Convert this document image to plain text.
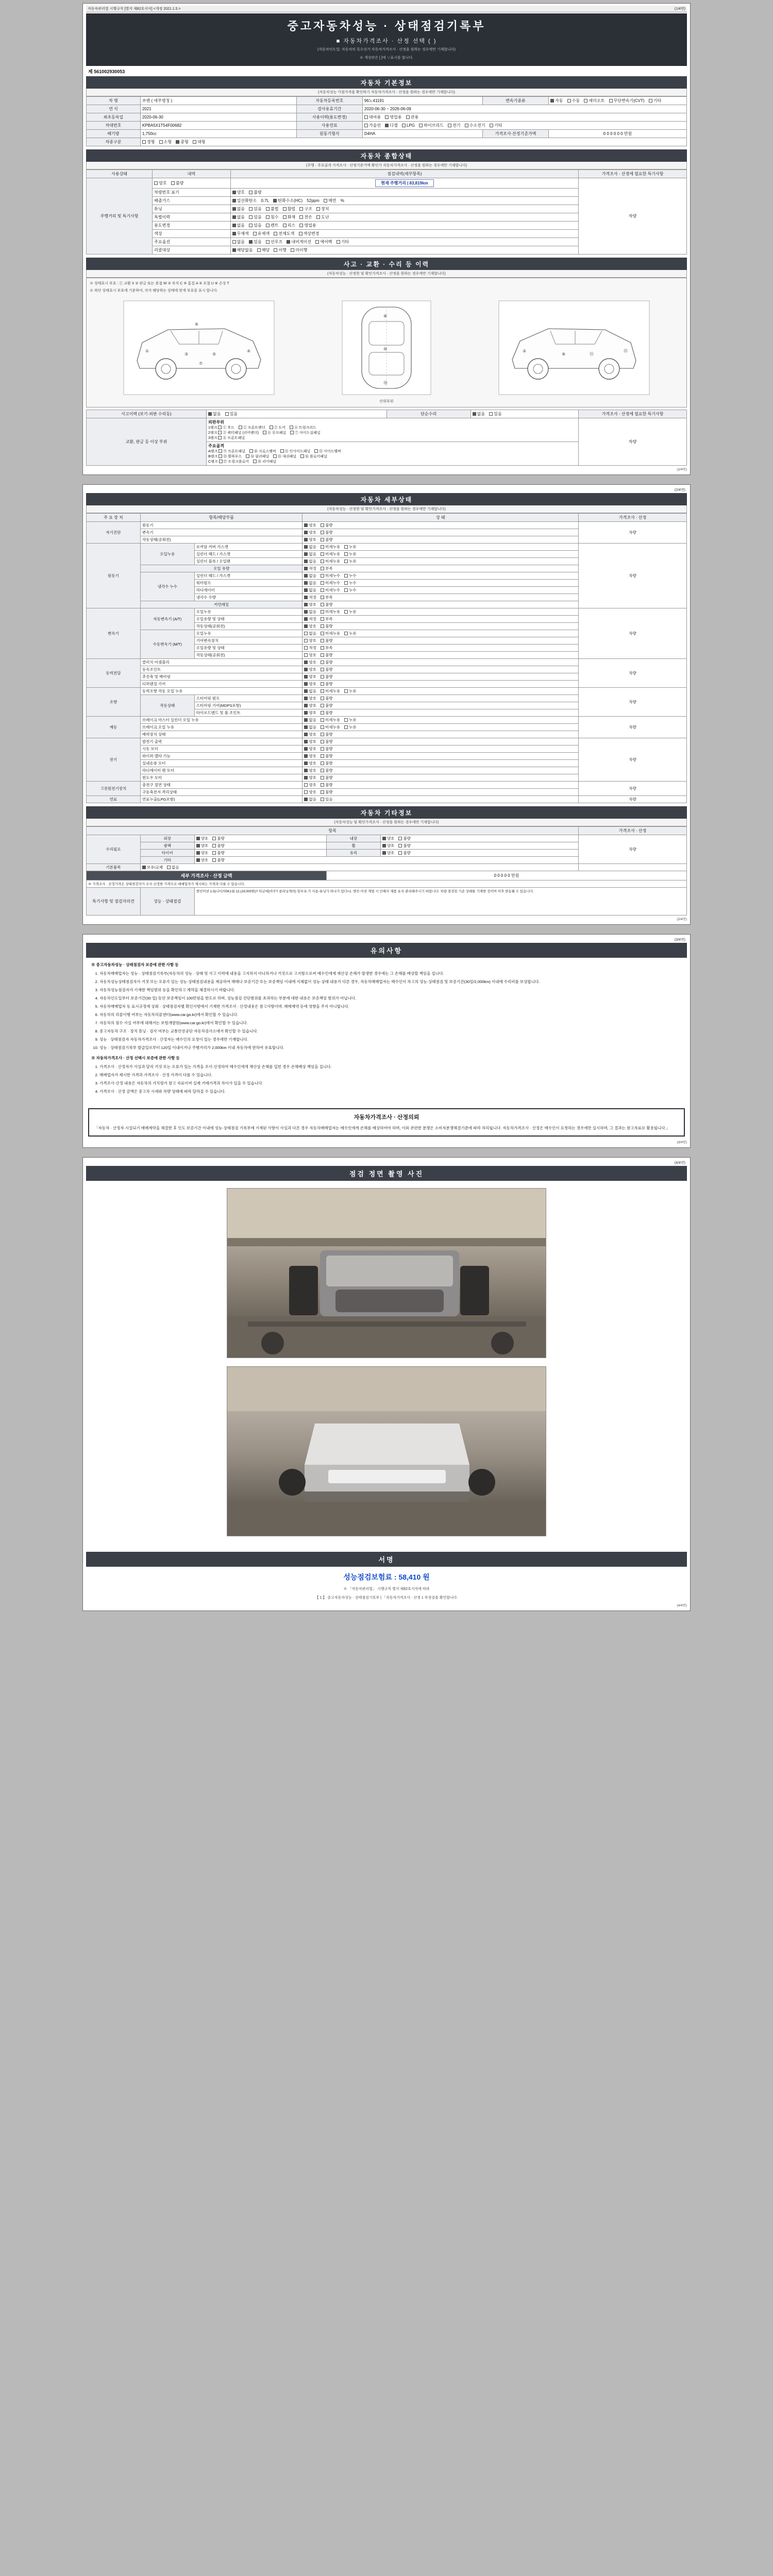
자동차관리법 시행규칙 [별지 제82호서식] <개정 2021.1.5.>	(1/4면)
중고자동차성능 · 상태점검기록부
■ 자동차가격조사 · 산정 선택 ( )
(자동차인도일: 자동차의 특수선가 자동차가격조사 · 산정을 원하는 경우에만 기재합니다)
※ 색상란은 [ ]에 ∨표시를 합니다.
제 561002930053
자동차 기본정보
(자동차성능 가점가격을 확인하기 자동차가격조사 · 산정을 원하는 경우에만 기재합니다)
차 명	쏘렌 ( 세부명칭 )	자동차등록번호	96노41191	변속기종류	자동 수동 세미오토 무단변속기(CVT) 기타
연 식	2021	검사유효기간	2020-06-30 ~ 2026-06-09		
최초등록일	2020-06-30	사용이력(용도변경)	대여용 영업용 관용		
차대번호	KPBA5X1T54F00682	사용연료	가솔린 디젤 LPG 하이브리드 전기 수소전기 기타		
배기량	1,750cc	원동기형식	D4HA	가격조사·산정기준가액	0 0 0 0 0 0 만원
차종구분	경형 소형 중형 대형				
자동차 종합상태
(주행 · 주요골격 가격조사 · 산정기준가액 확인가 자동차가격조사 · 산정을 원하는 경우에만 기재합니다)
사용상태	내역	점검내역(세부항목)	가격조사 · 산정에 필요한 특기사항
주행거리 및 특기사항	양호 불량	현재 주행거리 | 83,819km	차량
	차량번호 표기	양호 불량	
	배출가스	일산화탄소 0.7L 탄화수소(HC) 52ppm 매연 %	
	튜닝	없음 있음 불법 합법 구조 장치	
	특별이력	없음 있음 침수 화재 전손 도난	
	용도변경	없음 있음 렌트 리스 영업용	
	색상	무채색 유채색 전체도색 색상변경	
	주요옵션	없음 있음 선루프 내비게이션 에어백 기타	
	리콜대상	해당없음 해당 이행 미이행	
사고 · 교환 · 수리 등 이력
(자동차성능 · 산정한 및 확인가격조사 · 산정을 원하는 경우에만 기재합니다)
※ 상태표시 부호 : ① 교환 X ② 판금 또는 용접 W ③ 부식 C ④ 흠집 A ⑤ 요철 U ⑥ 손상 T
※ 하단 상태표시 부호에 기준하여, 각각 해당하는 상태에 맞게 부호를 표시 합니다.
①
③	⑤
④
⑥
⑦
⑧
⑩
⑱
②
⑨	⑪
⑫
단위부위
사고이력 (보기·외판 수리등)	없음 있음	단순수리	없음 있음	가격조사 · 산정에 필요한 특기사항
교환, 판금 등 이상 부위	외판부위
1랭크 ① 후드 ② 프론트팬더 ③ 도어 ④ 트렁크리드
2랭크 ⑤ 쿼터패널 (리어팬더) ⑥ 루프패널 ⑦ 사이드실패널
3랭크 ⑧ 프론트패널			차량

	주요골격
A랭크 ⑨ 프론트패널 ⑩ 크로스멤버 ⑪ 인사이드패널 ⑫ 사이드멤버
B랭크 ⑬ 휠하우스 ⑭ 필러패널 ⑮ 대쉬패널 ⑯ 플로어패널
C랭크 ⑰ 트렁크플로어 ⑱ 리어패널			
(1/4면)
(2/4면)
자동차 세부상태
(자동차성능 · 산정한 및 확인가격조사 · 산정을 원하는 경우에만 기재합니다)
주 요 장 치	항목/해당부품		상 태	가격조사 · 산정
자기진단	원동기		양호 불량	차량
	변속기		양호 불량	
	작동상태(공회전)		양호 불량	
원동기	오일누유	로커암 커버 가스켓	없음 미세누유 누유	차량
		실린더 헤드 / 가스켓	없음 미세누유 누유	
		실린더 블록 / 오일팬	없음 미세누유 누유	
	오일 유량		적정 부족	
	냉각수 누수	실린더 헤드 / 가스켓	없음 미세누수 누수	
		워터펌프	없음 미세누수 누수	
		라디에이터	없음 미세누수 누수	
		냉각수 수량	적정 부족	
	커먼레일		양호 불량	
변속기	자동변속기 (A/T)	오일누유	없음 미세누유 누유	차량
		오일유량 및 상태	적정 부족	
		작동상태(공회전)	양호 불량	
	수동변속기 (M/T)	오일누유	없음 미세누유 누유	
		기어변속장치	양호 불량	
		오일유량 및 상태	적정 부족	
		작동상태(공회전)	양호 불량	
동력전달	클러치 어셈블리		양호 불량	차량
	등속조인트		양호 불량	
	추진축 및 베어링		양호 불량	
	디퍼렌셜 기어		양호 불량	
조향	동력조향 작동 오일 누유		없음 미세누유 누유	차량
	작동상태	스티어링 펌프	양호 불량	
		스티어링 기어(MDPS포함)	양호 불량	
		타이로드엔드 및 볼 조인트	양호 불량	
제동	브레이크 마스터 실린더 오일 누유		없음 미세누유 누유	차량
	브레이크 오일 누유		없음 미세누유 누유	
	배력장치 상태		양호 불량	
전기	발전기 출력		양호 불량	차량
	시동 모터		양호 불량	
	와이퍼 델타 기능		양호 불량	
	실내송풍 모터		양호 불량	
	라디에이터 팬 모터		양호 불량	
	윈도우 모터		양호 불량	
고전원전기장치	충전구 절연 상태		양호 불량	차량
	구동축전지 격리상태		양호 불량	
연료	연료누출(LPG포함)		없음 있음	차량
자동차 기타정보
(자동차성능 및 확인가격조사 · 산정을 원하는 경우에만 기재합니다)
항목					가격조사 · 산정
수리필요	외장	양호 불량	내장	양호 불량	차량
	광택	양호 불량	휠	양호 불량	
	타이어	양호 불량	유리	양호 불량	
	기타	양호 불량			
기본품목	보유/교체 없음				
세부 가격조사 · 산정 금액			0 0 0 0 0 만원		
※ 가격조사 · 산정가격은 상태점검자가 조사·산정한 가격으로 매매업자가 제시하는 가격과 다를 수 있습니다.					
특기사항 및 점검자의견	성능 · 상태점검	엔진미션 1.5(나티의0K1월 12,(19,000원)? 타금에(아무? 클리닝계의) 일부포.가 사용-튜닝가 하나가 있다+1. 엔진·미션 계열 시 인해지 제품 유지·관리해주시기 바랍니다. 차량 점검일 기준 상태를 기재한 것이며 이후 변동될 수 있습니다.			
(2/4면)
(3/4면)
유의사항

※ 중고자동차성능 · 상태점검자 보증에 관한 사항 등

1. 자동차매매업자는 성능 · 상태점검기록부(자동차의 성능 · 상태 및 사고 이력에 내용을 고지하지 아니하거나 거짓으로 고지함으로써 매수인에게 재산상 손해가 발생한 경우에는 그 손해를 배상할 책임을 집니다.
2. 자동차성능상태점검자가 거짓 또는 오류가 있는 성능·상태점검내용을 제공하여 매매나 보증기간 또는 보증책임 이내에 지체없이 성능·상태 내용가 다른 경우, 자동차매매업자는 매수인이 차고의 성능·상태점검 및 보증기간(30일/2,000km) 이내에 수리비를 보상합니다.
3. 자동차성능점검자가 기재한 책임범위 등을 확인하고 계약을 체결하시기 바랍니다.
4. 자동차인도일부터 보증기간(30 일) 동안 보증책임이 100만원을 한도로 하며, 성능점검 진단범위를 초과하는 부분에 대한 내용은 보증책임 범위가 아닙니다.
5. 자동차매매업자 등 표시규정에 상회 · 상태점검자별 확인사항에서 기재한 가격조사 · 산정내용은 참고사항이며, 매매계약 등에 영향을 주지 아니합니다.
6. 자동차의 리콜이행 여부는 자동차리콜센터(www.car.go.kr)에서 확인할 수 있습니다.
7. 자동차의 침수 사실 여부에 대해서는 보험개발원(www.car.go.kr)에서 확인할 수 있습니다.
8. 중고자동차 구조 · 장치 튜닝 · 검사 여부는 교통안전공단 자동차검사소에서 확인할 수 있습니다.
9. 성능 · 상태점검자 자동차가격조사 · 산정자는 매수인의 요청이 있는 경우에만 기재합니다.
10. 성능 · 상태점검기록부 발급일로부터 120일 이내이거나 주행거리가 2,000km 이내 자동차에 한하여 유효합니다.

※ 자동차가격조사 · 산정 선택시 보증에 관한 사항 등

1. 가격조사 · 산정자가 사실과 달리 거짓 또는 오류가 있는 가격을 조사·산정하여 매수인에게 재산상 손해를 입힌 경우 손해배상 책임을 집니다.
2. 매매업자가 제시한 가격과 가격조사 · 산정 가격이 다를 수 있습니다.
3. 가격조사·산정 내용은 자동차의 가치평가 참고 자료이며 실제 거래가격과 차이가 있을 수 있습니다.
4. 가격조사 · 산정 금액은 중고차 시세와 차량 상태에 따라 달라질 수 있습니다.
자동차가격조사 · 산정의뢰
「자동차 · 산정자 시설되기 매매계약을 체결한 후 인도 보증기간 이내에 성능·상태점검 기록부에 기재된 사항이 사실과 다른 경우 자동차매매업자는 매수인에게 손해를 배상하여야 하며, 이와 관련한 분쟁은 소비자분쟁해결기준에 따라 처리됩니다. 자동차가격조사 · 산정은 매수인이 요청하는 경우에만 실시하며, 그 결과는 참고자료로 활용됩니다.」
(3/4면)
(4/4면)
점검 정면 촬영 사진
서명
성능점검보험료 : 58,410 원
※ 「자동차관리법」 시행규칙 별지 제82호서식에 따라
【 1 】 중고자동차성능 · 상태점검기록부 | 「자동차가격조사 · 산정 1 부장검을 확인합니다.
(4/4면)
